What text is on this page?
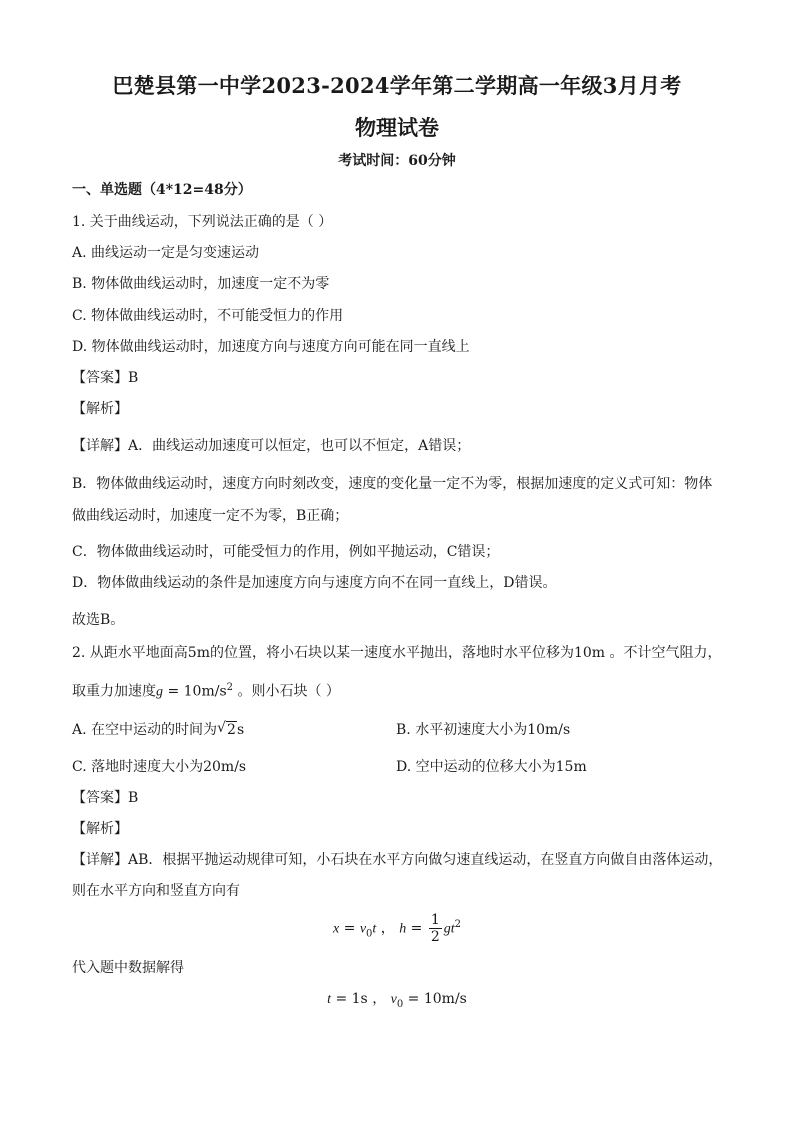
巴楚县第一中学2023-2024学年第二学期高一年级3月月考
物理试卷
考试时间：60分钟
一、单选题（4*12=48分）
1. 关于曲线运动，下列说法正确的是（ ）
A. 曲线运动一定是匀变速运动
B. 物体做曲线运动时，加速度一定不为零
C. 物体做曲线运动时，不可能受恒力的作用
D. 物体做曲线运动时，加速度方向与速度方向可能在同一直线上
【答案】B
【解析】
【详解】A．曲线运动加速度可以恒定，也可以不恒定，A错误；
B．物体做曲线运动时，速度方向时刻改变，速度的变化量一定不为零，根据加速度的定义式可知：物体
做曲线运动时，加速度一定不为零，B正确；
C．物体做曲线运动时，可能受恒力的作用，例如平抛运动，C错误；
D．物体做曲线运动的条件是加速度方向与速度方向不在同一直线上，D错误。
故选B。
2. 从距水平地面高5m的位置，将小石块以某一速度水平抛出，落地时水平位移为10m 。不计空气阻力，
取重力加速度$g = 10m/s^2$ 。则小石块（ ）
A. 在空中运动的时间为√ 2s	B. 水平初速度大小为10m/s
C. 落地时速度大小为20m/s	D. 空中运动的位移大小为15m
【答案】B
【解析】
【详解】AB．根据平抛运动规律可知，小石块在水平方向做匀速直线运动，在竖直方向做自由落体运动，
则在水平方向和竖直方向有
$x = v_0t$ ， $h = \frac{1}{2} gt^2$
代入题中数据解得
t = 1s ， $v_0 = 10m/s$
